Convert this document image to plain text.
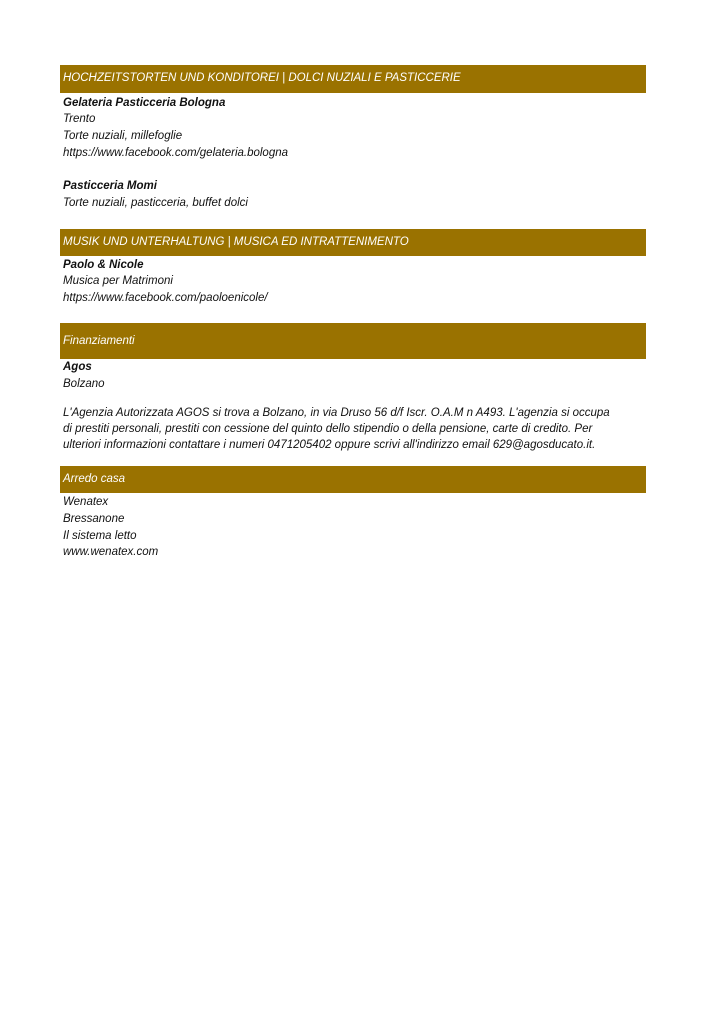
HOCHZEITSTORTEN UND KONDITOREI | DOLCI NUZIALI E PASTICCERIE
Gelateria Pasticceria Bologna
Trento
Torte nuziali, millefoglie
https://www.facebook.com/gelateria.bologna
Pasticceria Momi
Torte nuziali, pasticceria, buffet dolci
MUSIK UND UNTERHALTUNG | MUSICA ED INTRATTENIMENTO
Paolo & Nicole
Musica per Matrimoni
https://www.facebook.com/paoloenicole/
Finanziamenti
Agos
Bolzano
L'Agenzia Autorizzata AGOS si trova a Bolzano, in via Druso 56 d/f Iscr. O.A.M n A493. L'agenzia si occupa
di prestiti personali, prestiti con cessione del quinto dello stipendio o della pensione, carte di credito. Per
ulteriori informazioni contattare i numeri 0471205402 oppure scrivi all'indirizzo email 629@agosducato.it.
Arredo casa
Wenatex
Bressanone
Il sistema letto
www.wenatex.com
